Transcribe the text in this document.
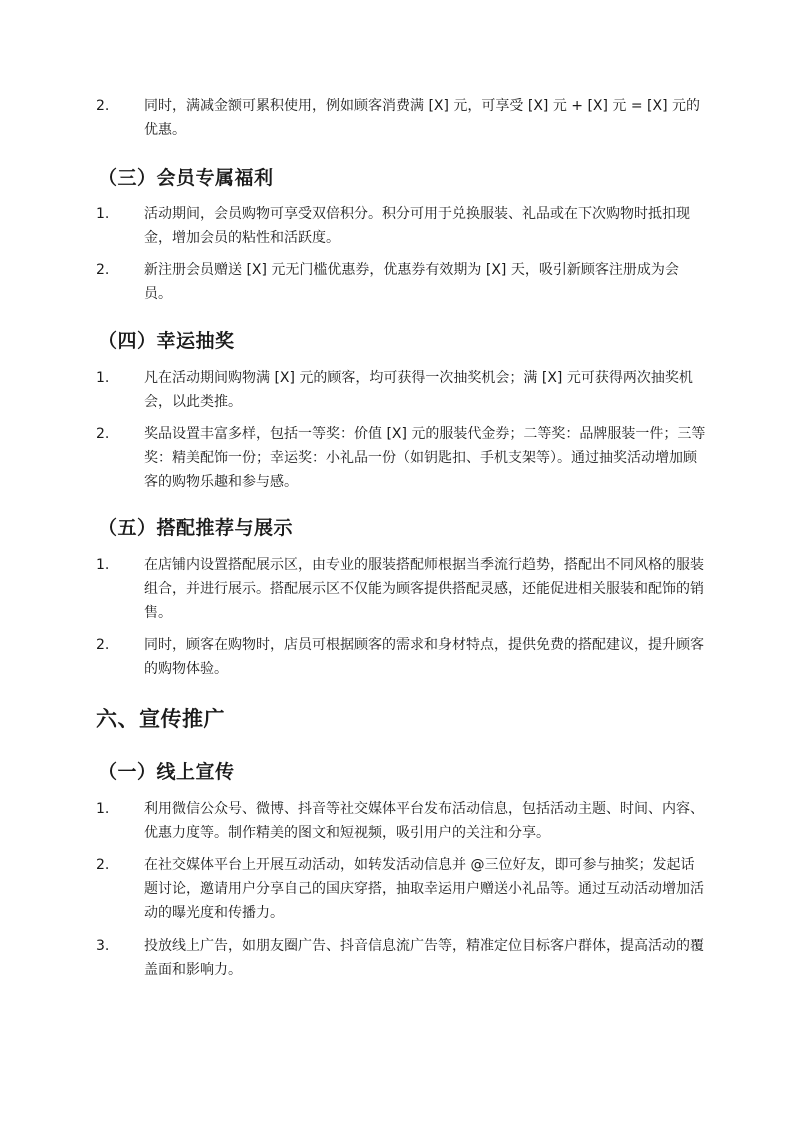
2.	同时，满减金额可累积使用，例如顾客消费满 [X] 元，可享受 [X] 元 + [X] 元 = [X] 元的优惠。
（三）会员专属福利
1.	活动期间，会员购物可享受双倍积分。积分可用于兑换服装、礼品或在下次购物时抵扣现金，增加会员的粘性和活跃度。
2.	新注册会员赠送 [X] 元无门槛优惠券，优惠券有效期为 [X] 天，吸引新顾客注册成为会员。
（四）幸运抽奖
1.	凡在活动期间购物满 [X] 元的顾客，均可获得一次抽奖机会；满 [X] 元可获得两次抽奖机会，以此类推。
2.	奖品设置丰富多样，包括一等奖：价值 [X] 元的服装代金券；二等奖：品牌服装一件；三等奖：精美配饰一份；幸运奖：小礼品一份（如钥匙扣、手机支架等）。通过抽奖活动增加顾客的购物乐趣和参与感。
（五）搭配推荐与展示
1.	在店铺内设置搭配展示区，由专业的服装搭配师根据当季流行趋势，搭配出不同风格的服装组合，并进行展示。搭配展示区不仅能为顾客提供搭配灵感，还能促进相关服装和配饰的销售。
2.	同时，顾客在购物时，店员可根据顾客的需求和身材特点，提供免费的搭配建议，提升顾客的购物体验。
六、宣传推广
（一）线上宣传
1.	利用微信公众号、微博、抖音等社交媒体平台发布活动信息，包括活动主题、时间、内容、优惠力度等。制作精美的图文和短视频，吸引用户的关注和分享。
2.	在社交媒体平台上开展互动活动，如转发活动信息并 @三位好友，即可参与抽奖；发起话题讨论，邀请用户分享自己的国庆穿搭，抽取幸运用户赠送小礼品等。通过互动活动增加活动的曝光度和传播力。
3.	投放线上广告，如朋友圈广告、抖音信息流广告等，精准定位目标客户群体，提高活动的覆盖面和影响力。
